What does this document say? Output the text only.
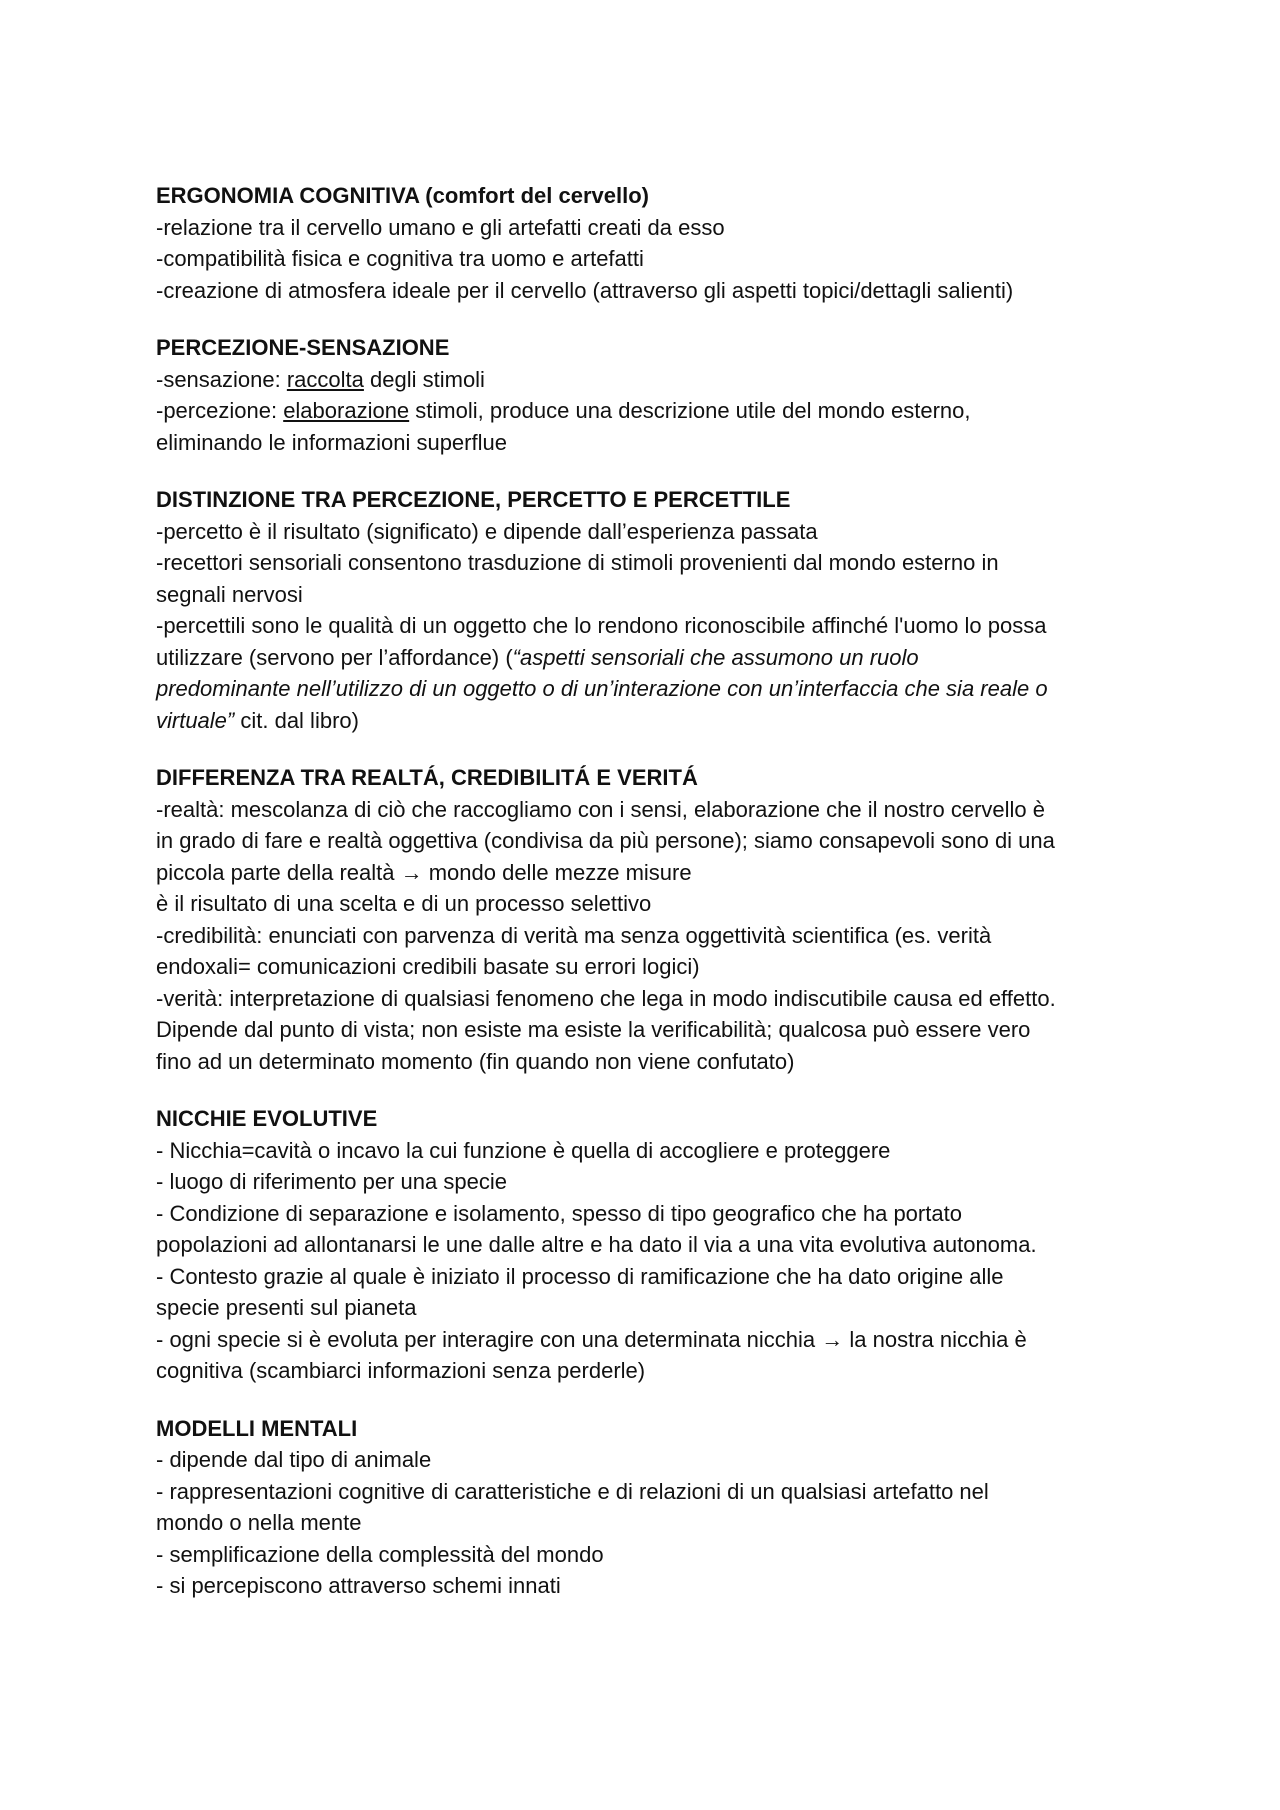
ERGONOMIA COGNITIVA (comfort del cervello)

-relazione tra il cervello umano e gli artefatti creati da esso

-compatibilità fisica e cognitiva tra uomo e artefatti

-creazione di atmosfera ideale per il cervello (attraverso gli aspetti topici/dettagli salienti)

PERCEZIONE-SENSAZIONE

-sensazione: raccolta degli stimoli

-percezione: elaborazione stimoli, produce una descrizione utile del mondo esterno,

eliminando le informazioni superflue

DISTINZIONE TRA PERCEZIONE, PERCETTO E PERCETTILE

-percetto è il risultato (significato) e dipende dall’esperienza passata

-recettori sensoriali consentono trasduzione di stimoli provenienti dal mondo esterno in

segnali nervosi

-percettili sono le qualità di un oggetto che lo rendono riconoscibile affinché l'uomo lo possa

utilizzare (servono per l’affordance) (“aspetti sensoriali che assumono un ruolo

predominante nell’utilizzo di un oggetto o di un’interazione con un’interfaccia che sia reale o

virtuale” cit. dal libro)

DIFFERENZA TRA REALTÁ, CREDIBILITÁ E VERITÁ

-realtà: mescolanza di ciò che raccogliamo con i sensi, elaborazione che il nostro cervello è

in grado di fare e realtà oggettiva (condivisa da più persone); siamo consapevoli sono di una

piccola parte della realtà → mondo delle mezze misure

è il risultato di una scelta e di un processo selettivo

-credibilità: enunciati con parvenza di verità ma senza oggettività scientifica (es. verità

endoxali= comunicazioni credibili basate su errori logici)

-verità: interpretazione di qualsiasi fenomeno che lega in modo indiscutibile causa ed effetto.

Dipende dal punto di vista; non esiste ma esiste la verificabilità; qualcosa può essere vero

fino ad un determinato momento (fin quando non viene confutato)

NICCHIE EVOLUTIVE

- Nicchia=cavità o incavo la cui funzione è quella di accogliere e proteggere

- luogo di riferimento per una specie

- Condizione di separazione e isolamento, spesso di tipo geografico che ha portato

popolazioni ad allontanarsi le une dalle altre e ha dato il via a una vita evolutiva autonoma.

- Contesto grazie al quale è iniziato il processo di ramificazione che ha dato origine alle

specie presenti sul pianeta

- ogni specie si è evoluta per interagire con una determinata nicchia → la nostra nicchia è

cognitiva (scambiarci informazioni senza perderle)

MODELLI MENTALI

- dipende dal tipo di animale

- rappresentazioni cognitive di caratteristiche e di relazioni di un qualsiasi artefatto nel

mondo o nella mente

- semplificazione della complessità del mondo

- si percepiscono attraverso schemi innati
